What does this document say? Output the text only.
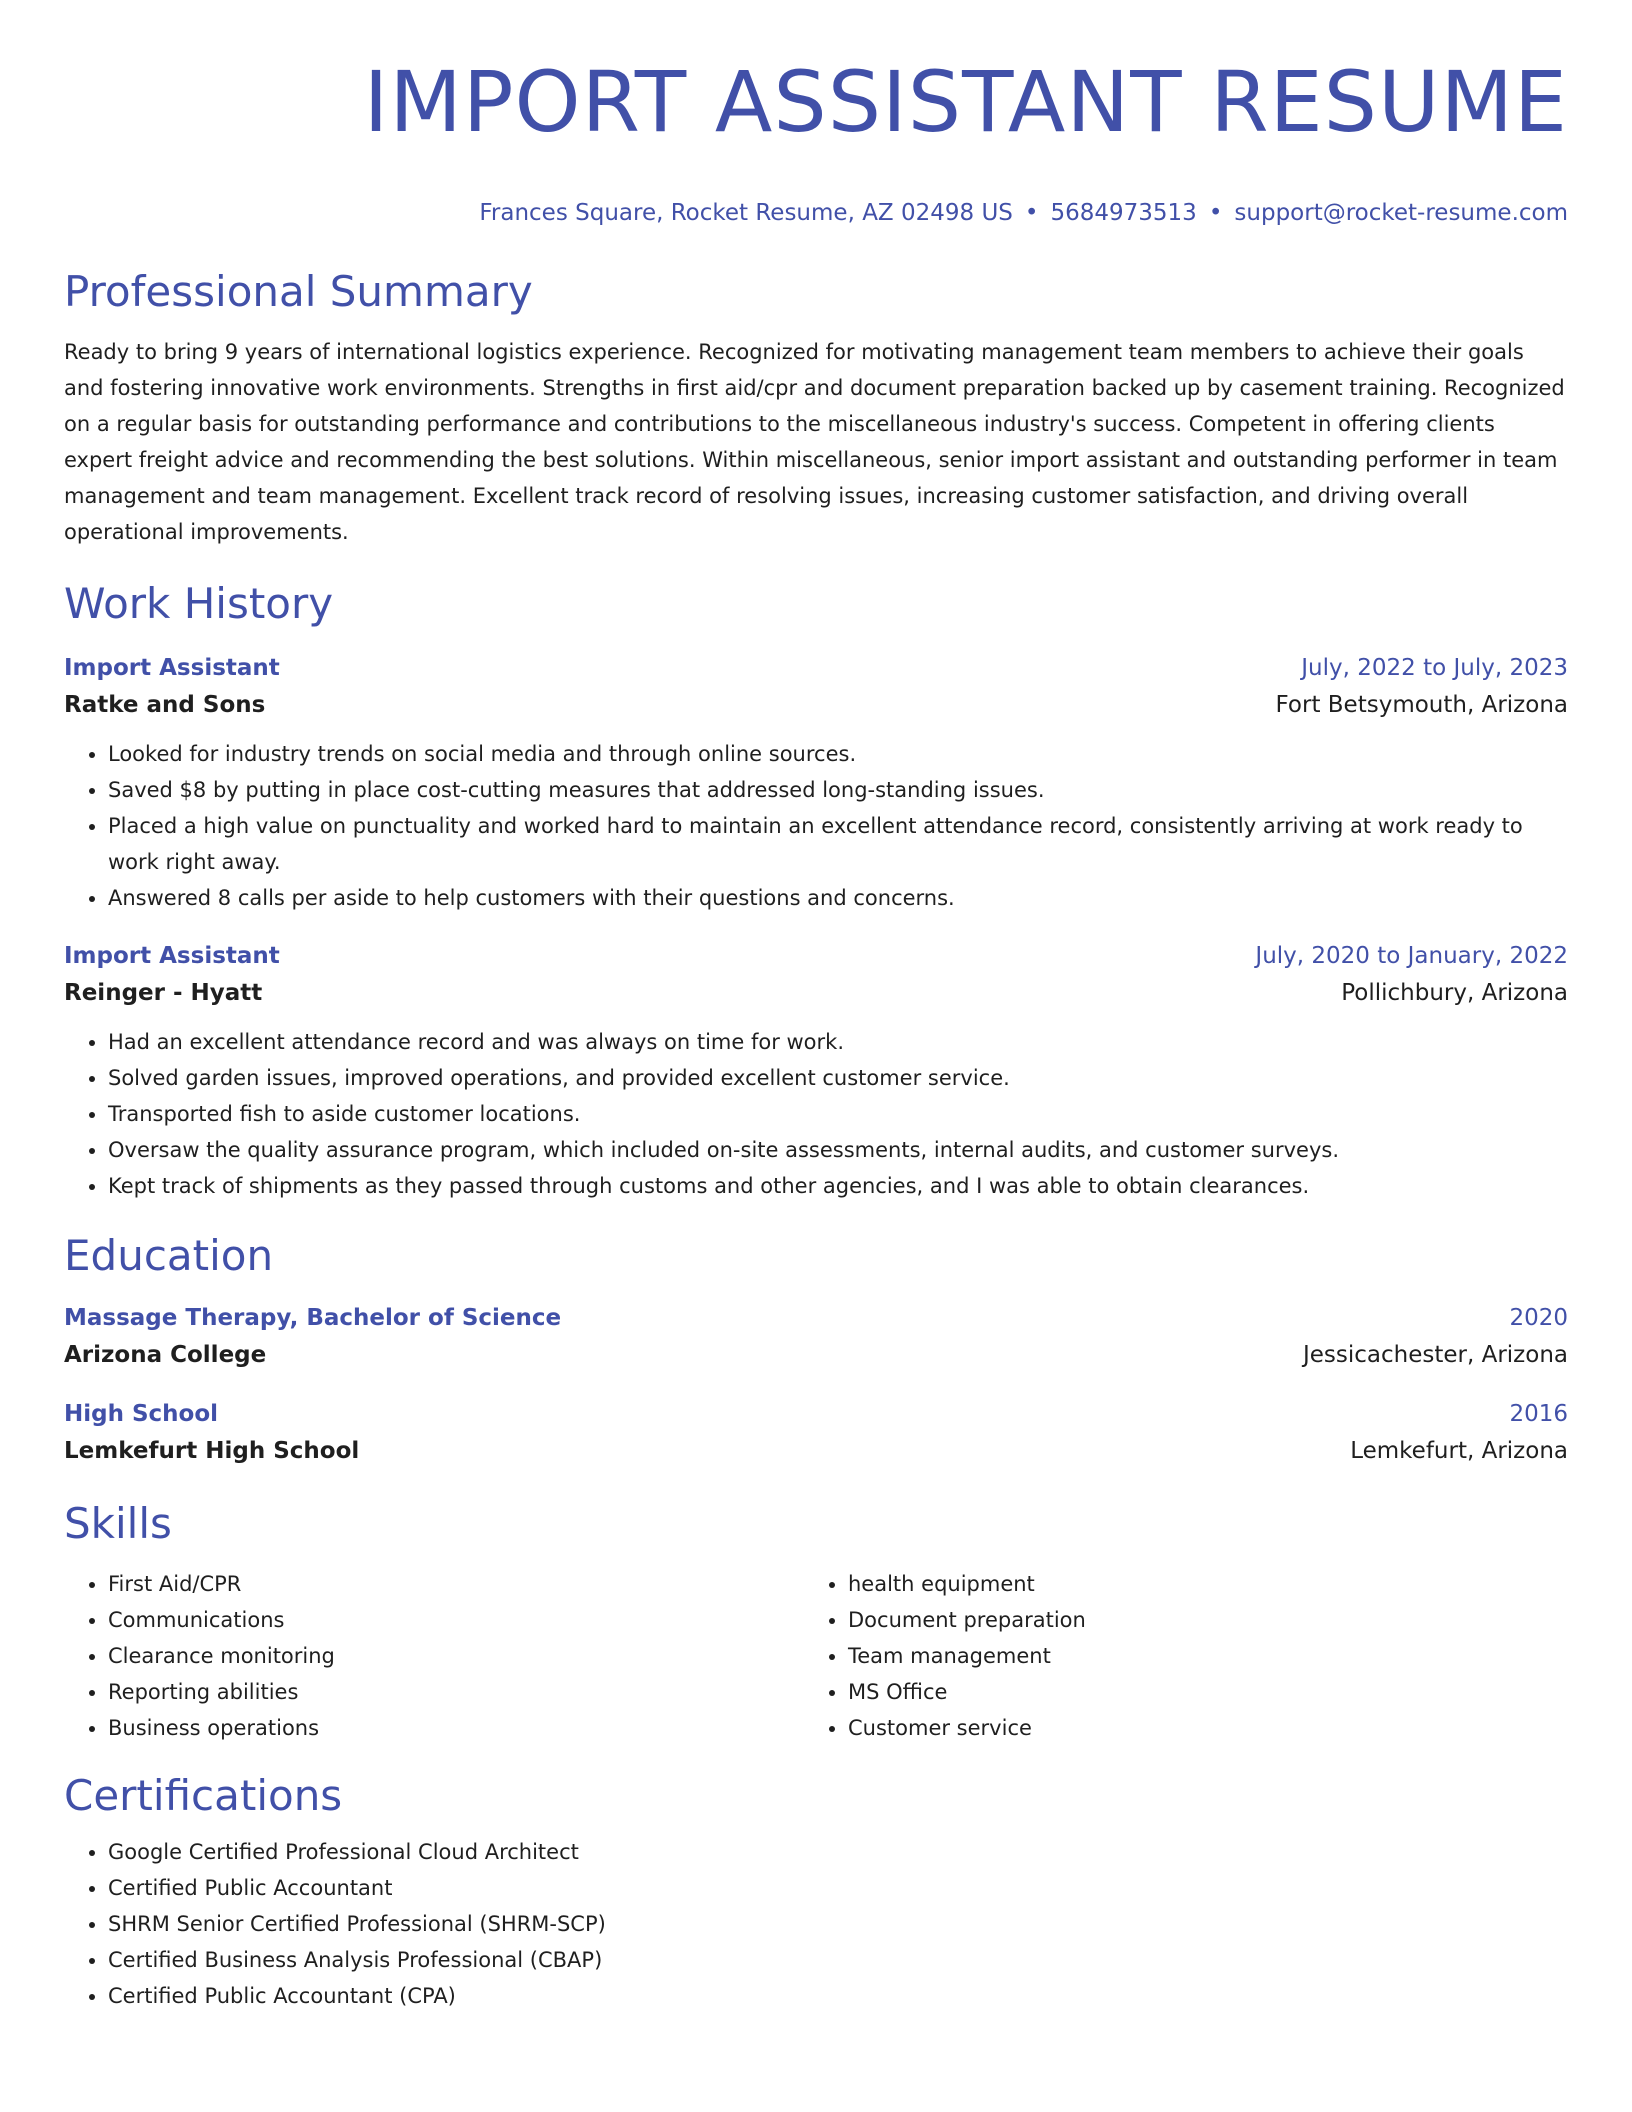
IMPORT ASSISTANT RESUME
Frances Square, Rocket Resume, AZ 02498 US • 5684973513 • support@rocket-resume.com
Professional Summary
Ready to bring 9 years of international logistics experience. Recognized for motivating management team members to achieve their goals and fostering innovative work environments. Strengths in first aid/cpr and document preparation backed up by casement training. Recognized on a regular basis for outstanding performance and contributions to the miscellaneous industry's success. Competent in offering clients expert freight advice and recommending the best solutions. Within miscellaneous, senior import assistant and outstanding performer in team management and team management. Excellent track record of resolving issues, increasing customer satisfaction, and driving overall operational improvements.
Work History
Import Assistant	July, 2022 to July, 2023
Ratke and Sons	Fort Betsymouth, Arizona
• Looked for industry trends on social media and through online sources.
• Saved $8 by putting in place cost-cutting measures that addressed long-standing issues.
• Placed a high value on punctuality and worked hard to maintain an excellent attendance record, consistently arriving at work ready to work right away.
• Answered 8 calls per aside to help customers with their questions and concerns.
Import Assistant	July, 2020 to January, 2022
Reinger - Hyatt	Pollichbury, Arizona
• Had an excellent attendance record and was always on time for work.
• Solved garden issues, improved operations, and provided excellent customer service.
• Transported fish to aside customer locations.
• Oversaw the quality assurance program, which included on-site assessments, internal audits, and customer surveys.
• Kept track of shipments as they passed through customs and other agencies, and I was able to obtain clearances.
Education
Massage Therapy, Bachelor of Science	2020
Arizona College	Jessicachester, Arizona
High School	2016
Lemkefurt High School	Lemkefurt, Arizona
Skills
• First Aid/CPR
• Communications
• Clearance monitoring
• Reporting abilities
• Business operations
• health equipment
• Document preparation
• Team management
• MS Office
• Customer service
Certifications
• Google Certified Professional Cloud Architect
• Certified Public Accountant
• SHRM Senior Certified Professional (SHRM-SCP)
• Certified Business Analysis Professional (CBAP)
• Certified Public Accountant (CPA)
